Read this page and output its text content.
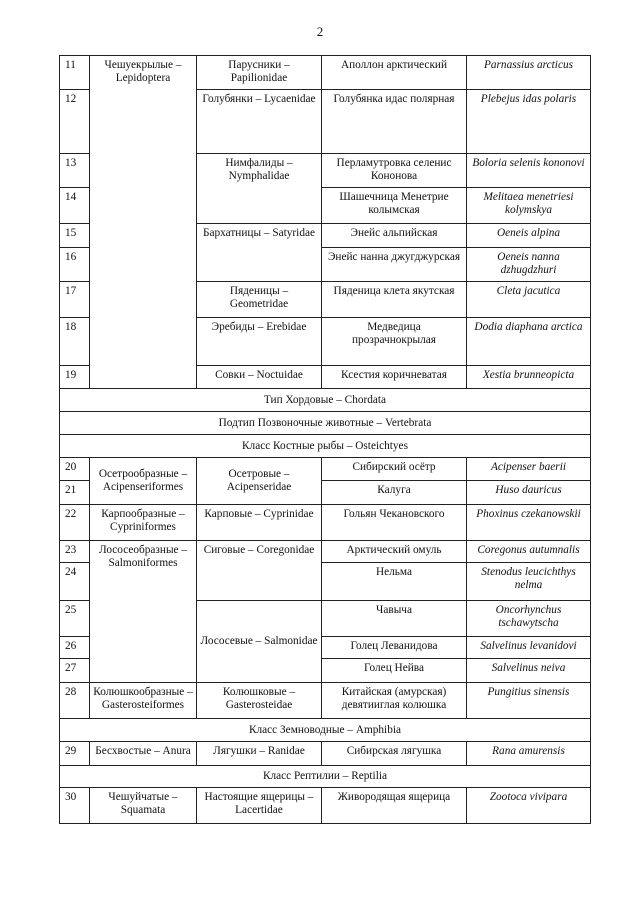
2
11	Чешуекрылые – Lepidoptera	Парусники – Papilionidae	Аполлон арктический	Parnassius arcticus
12		Голубянки – Lycaenidae	Голубянка идас полярная	Plebejus idas polaris
13		Нимфалиды – Nymphalidae	Перламутровка селенис Кононова	Boloria selenis kononovi
14			Шашечница Менетрие колымская	Melitaea menetriesi kolymskya
15		Бархатницы – Satyridae	Энейс альпийская	Oeneis alpina
16			Энейс нанна джугджурская	Oeneis nanna dzhugdzhuri
17		Пяденицы – Geometridae	Пяденица клета якутская	Cleta jacutica
18		Эребиды – Erebidae	Медведица прозрачнокрылая	Dodia diaphana arctica
19		Совки – Noctuidae	Ксестия коричневатая	Xestia brunneopicta
Тип Хордовые – Chordata				
Подтип Позвоночные животные – Vertebrata				
Класс Костные рыбы – Osteichtyes				
20	Осетрообразные – Acipenseriformes	Осетровые – Acipenseridae	Сибирский осётр	Acipenser baerii
21			Калуга	Huso dauricus
22	Карпообразные – Cypriniformes	Карповые – Cyprinidae	Гольян Чекановского	Phoxinus czekanowskii
23	Лососеобразные – Salmoniformes	Сиговые – Coregonidae	Арктический омуль	Coregonus autumnalis
24			Нельма	Stenodus leucichthys nelma
25		Лососевые – Salmonidae	Чавыча	Oncorhynchus tschawytscha
26			Голец Леванидова	Salvelinus levanidovi
27			Голец Нейва	Salvelinus neiva
28	Колюшкообразные – Gasterosteiformes	Колюшковые – Gasterosteidae	Китайская (амурская) девятииглая колюшка	Pungitius sinensis
Класс Земноводные – Amphibia				
29	Бесхвостые – Anura	Лягушки – Ranidae	Сибирская лягушка	Rana amurensis
Класс Рептилии – Reptilia				
30	Чешуйчатые – Squamata	Настоящие ящерицы – Lacertidae	Живородящая ящерица	Zootoca vivipara
